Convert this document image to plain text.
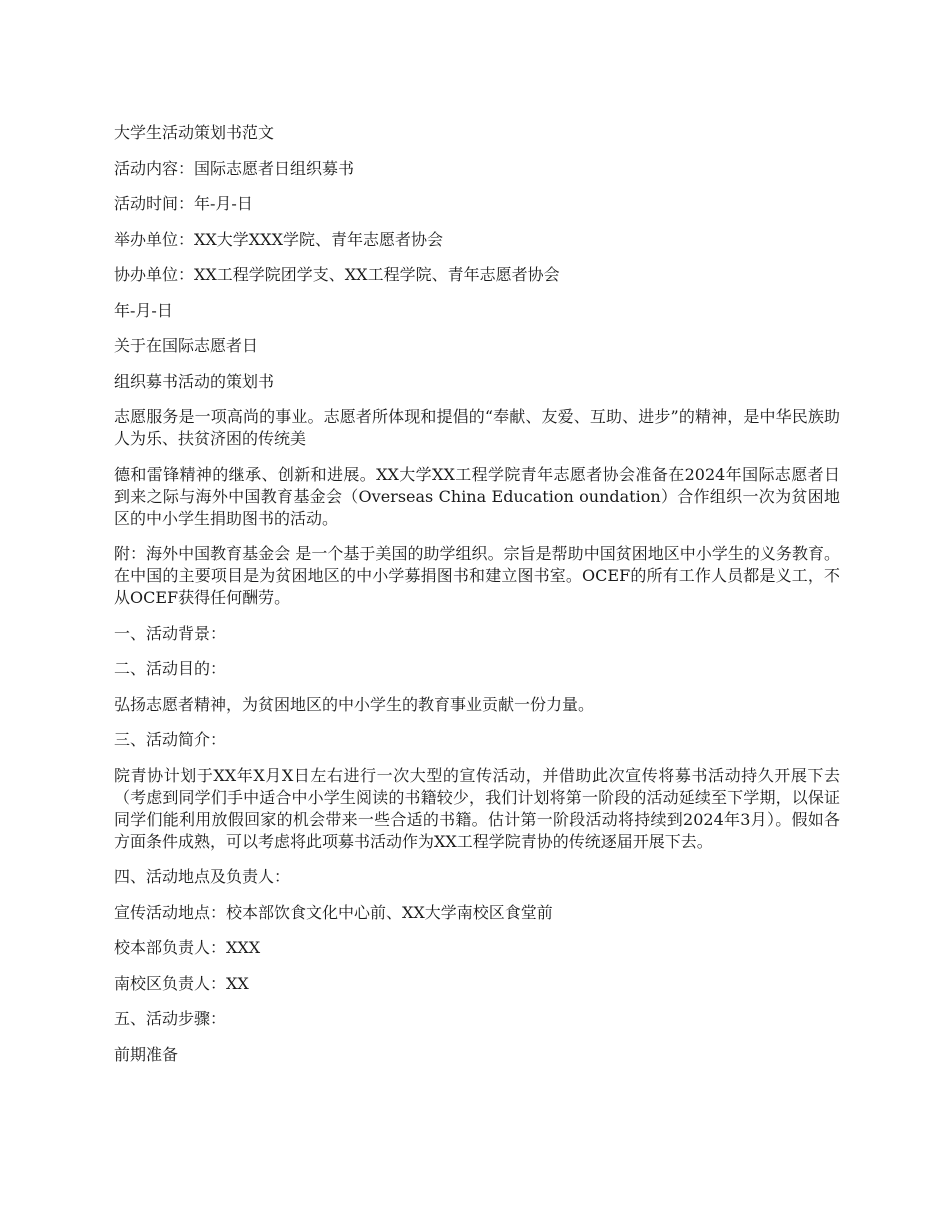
大学生活动策划书范文

活动内容：国际志愿者日组织募书

活动时间：年-月-日

举办单位：XX大学XXX学院、青年志愿者协会

协办单位：XX工程学院团学支、XX工程学院、青年志愿者协会

年-月-日

关于在国际志愿者日

组织募书活动的策划书

志愿服务是一项高尚的事业。志愿者所体现和提倡的“奉献、友爱、互助、进步”的精神，是中华民族助人为乐、扶贫济困的传统美

德和雷锋精神的继承、创新和进展。XX大学XX工程学院青年志愿者协会准备在2024年国际志愿者日到来之际与海外中国教育基金会（Overseas China Education oundation）合作组织一次为贫困地区的中小学生捐助图书的活动。

附：海外中国教育基金会 是一个基于美国的助学组织。宗旨是帮助中国贫困地区中小学生的义务教育。在中国的主要项目是为贫困地区的中小学募捐图书和建立图书室。OCEF的所有工作人员都是义工，不从OCEF获得任何酬劳。

一、活动背景：

二、活动目的：

弘扬志愿者精神，为贫困地区的中小学生的教育事业贡献一份力量。

三、活动简介：

院青协计划于XX年X月X日左右进行一次大型的宣传活动，并借助此次宣传将募书活动持久开展下去（考虑到同学们手中适合中小学生阅读的书籍较少，我们计划将第一阶段的活动延续至下学期，以保证同学们能利用放假回家的机会带来一些合适的书籍。估计第一阶段活动将持续到2024年3月）。假如各方面条件成熟，可以考虑将此项募书活动作为XX工程学院青协的传统逐届开展下去。

四、活动地点及负责人：

宣传活动地点：校本部饮食文化中心前、XX大学南校区食堂前

校本部负责人：XXX

南校区负责人：XX

五、活动步骤：

前期准备
